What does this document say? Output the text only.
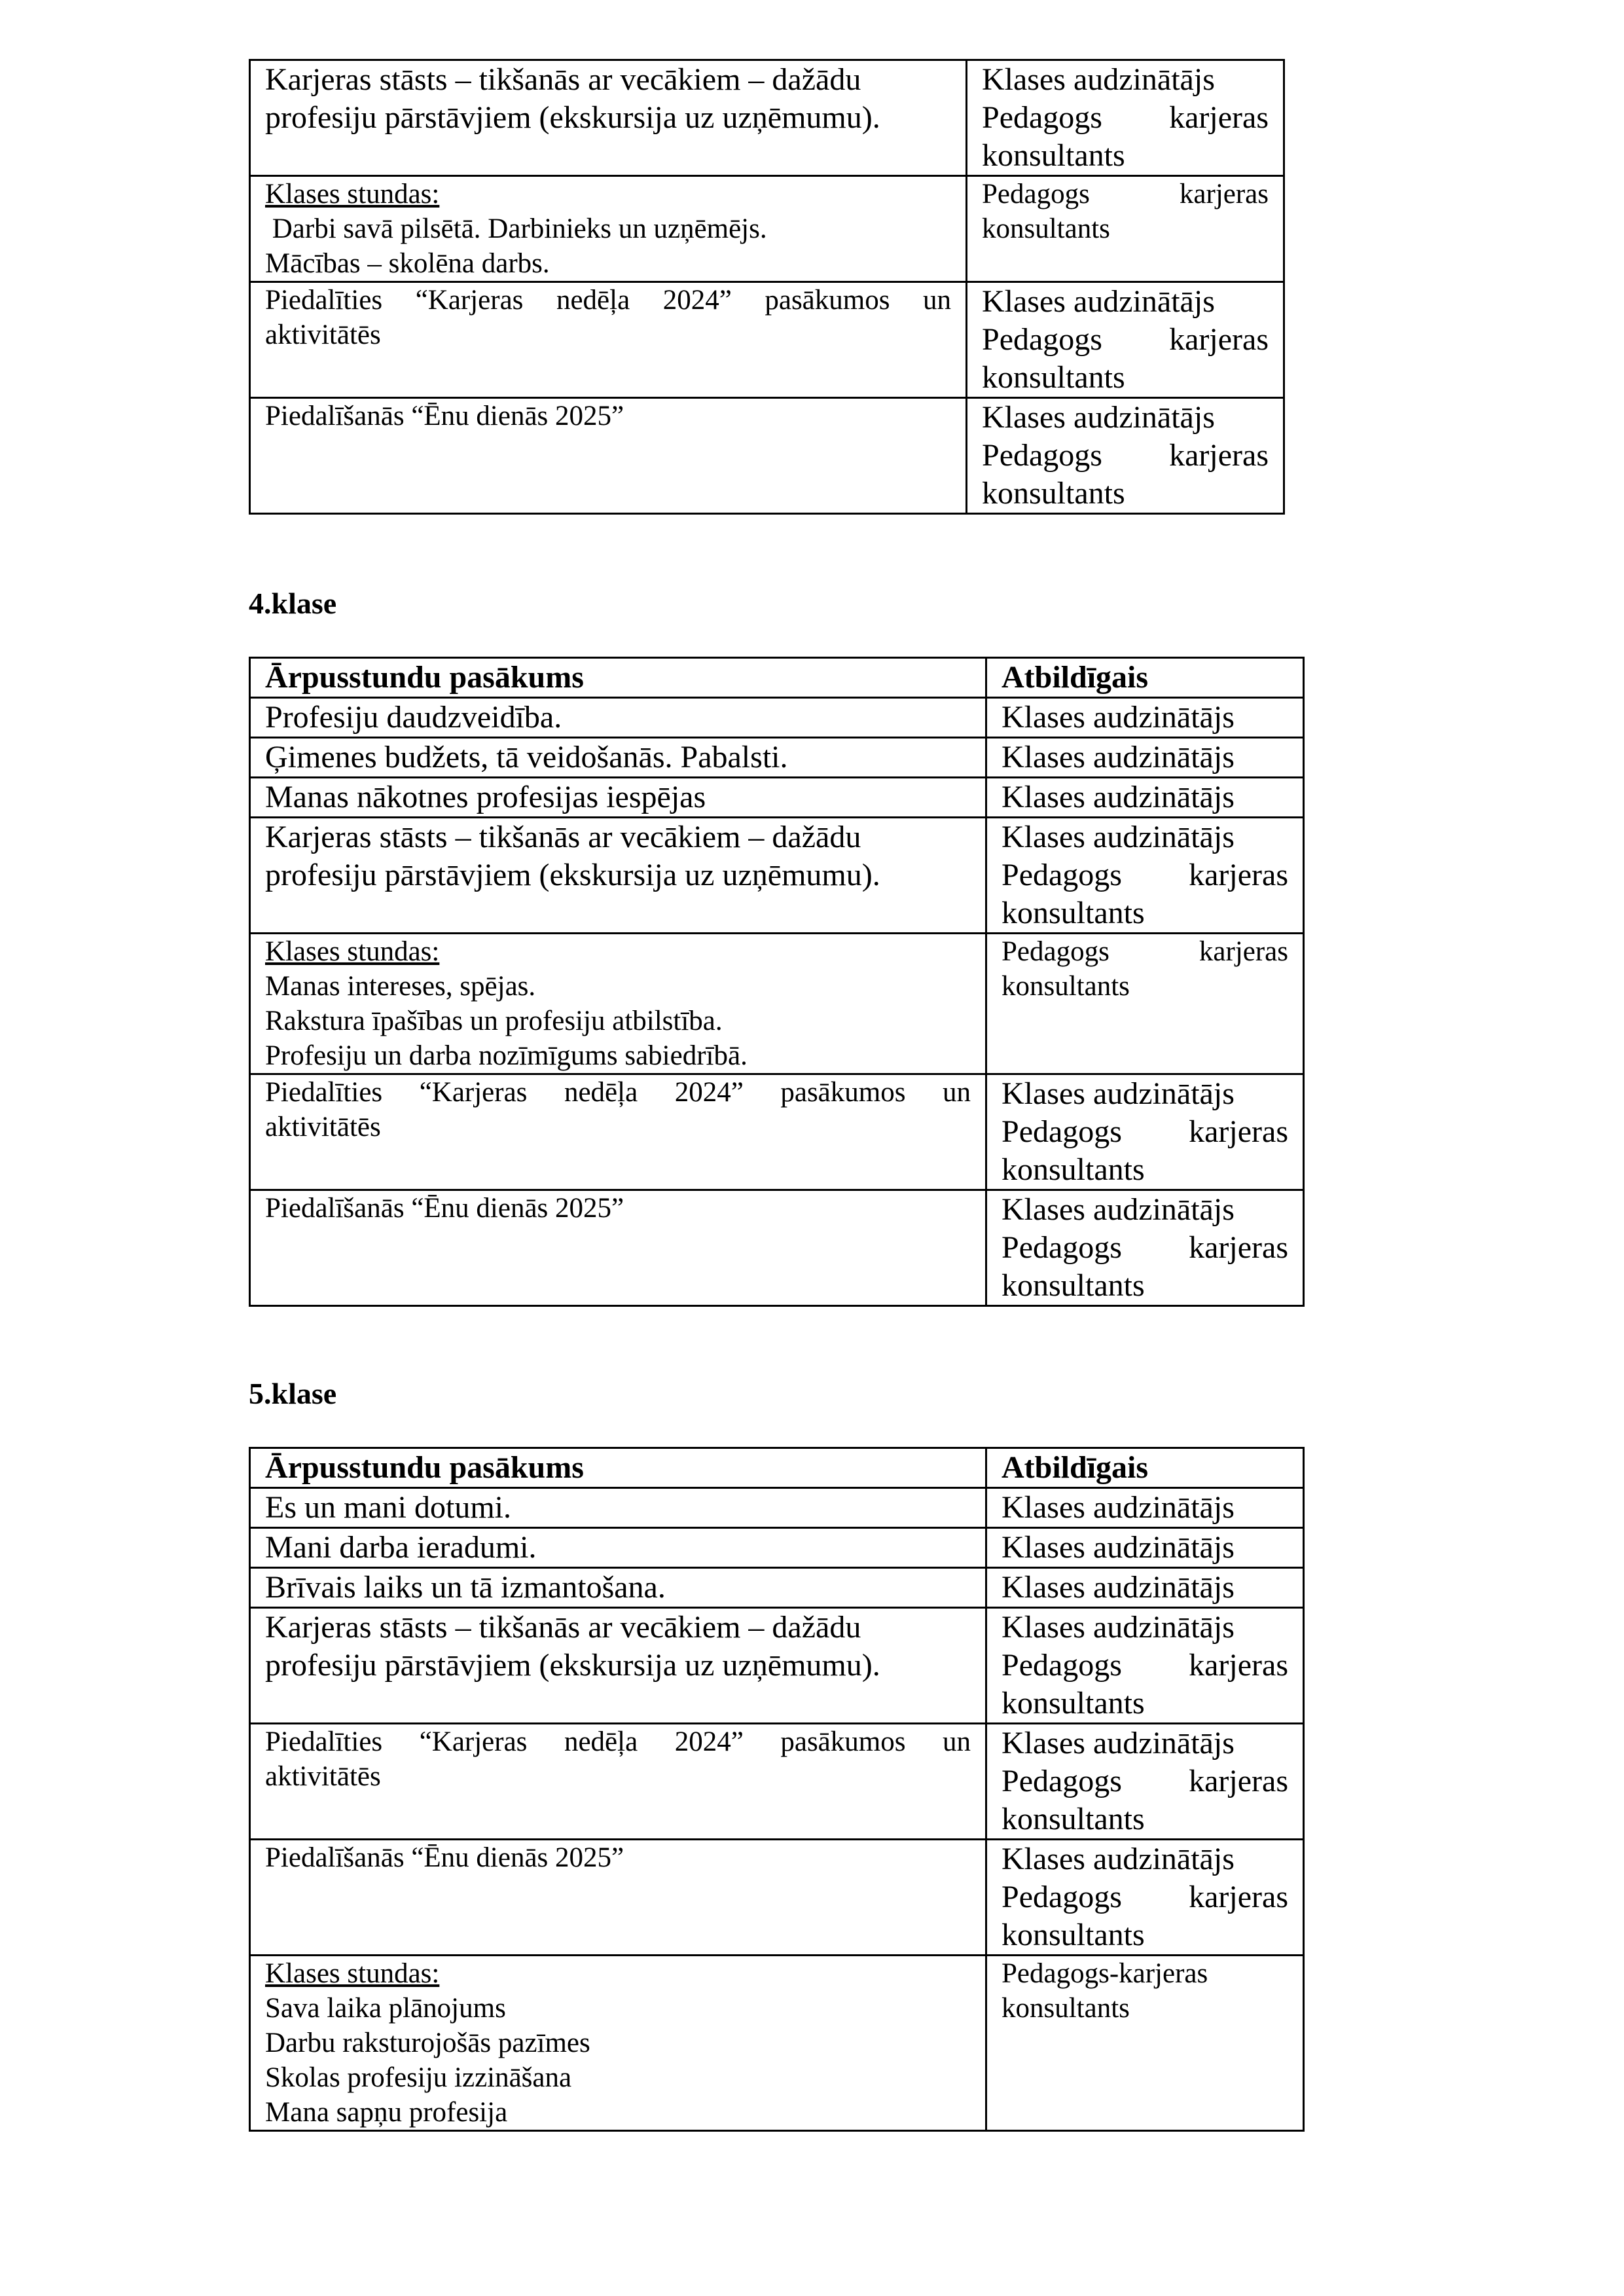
Karjeras stāsts – tikšanās ar vecākiem – dažādu
profesiju pārstāvjiem (ekskursija uz uzņēmumu).	Klases audzinātājs
Pedagogs karjeras
konsultants

Klases stundas:
Darbi savā pilsētā. Darbinieks un uzņēmējs.
Mācības – skolēna darbs.	Pedagogs karjeras
konsultants

Piedalīties “Karjeras nedēļa 2024” pasākumos un
aktivitātēs	Klases audzinātājs
Pedagogs karjeras
konsultants

Piedalīšanās “Ēnu dienās 2025”	Klases audzinātājs
Pedagogs karjeras
konsultants
4.klase
Ārpusstundu pasākums	Atbildīgais
Profesiju daudzveidība.	Klases audzinātājs
Ģimenes budžets, tā veidošanās. Pabalsti.	Klases audzinātājs
Manas nākotnes profesijas iespējas	Klases audzinātājs

Karjeras stāsts – tikšanās ar vecākiem – dažādu
profesiju pārstāvjiem (ekskursija uz uzņēmumu).	Klases audzinātājs
Pedagogs karjeras
konsultants

Klases stundas:
Manas intereses, spējas.
Rakstura īpašības un profesiju atbilstība.
Profesiju un darba nozīmīgums sabiedrībā.	Pedagogs karjeras
konsultants

Piedalīties “Karjeras nedēļa 2024” pasākumos un
aktivitātēs	Klases audzinātājs
Pedagogs karjeras
konsultants

Piedalīšanās “Ēnu dienās 2025”	Klases audzinātājs
Pedagogs karjeras
konsultants
5.klase
Ārpusstundu pasākums	Atbildīgais
Es un mani dotumi.	Klases audzinātājs
Mani darba ieradumi.	Klases audzinātājs
Brīvais laiks un tā izmantošana.	Klases audzinātājs

Karjeras stāsts – tikšanās ar vecākiem – dažādu
profesiju pārstāvjiem (ekskursija uz uzņēmumu).	Klases audzinātājs
Pedagogs karjeras
konsultants

Piedalīties “Karjeras nedēļa 2024” pasākumos un
aktivitātēs	Klases audzinātājs
Pedagogs karjeras
konsultants

Piedalīšanās “Ēnu dienās 2025”	Klases audzinātājs
Pedagogs karjeras
konsultants

Klases stundas:
Sava laika plānojums
Darbu raksturojošās pazīmes
Skolas profesiju izzināšana
Mana sapņu profesija	Pedagogs-karjeras
konsultants
